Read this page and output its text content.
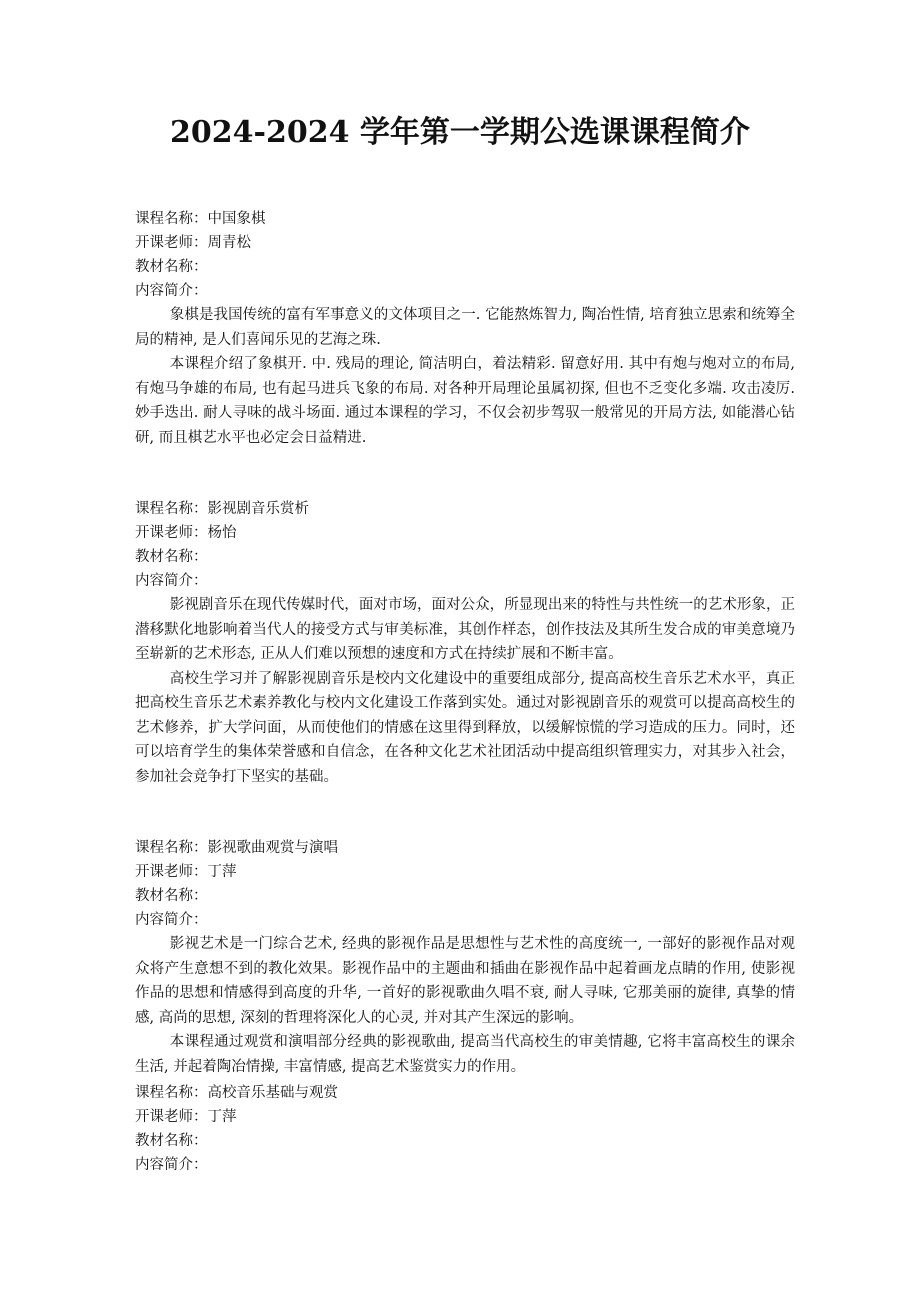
2024-2024 学年第一学期公选课课程简介
课程名称：中国象棋
开课老师：周青松
教材名称：
内容简介：

象棋是我国传统的富有军事意义的文体项目之一. 它能熬炼智力, 陶冶性情, 培育独立思索和统筹全局的精神, 是人们喜闻乐见的艺海之珠.

本课程介绍了象棋开. 中. 残局的理论, 简洁明白，着法精彩. 留意好用. 其中有炮与炮对立的布局, 有炮马争雄的布局, 也有起马进兵飞象的布局. 对各种开局理论虽属初探, 但也不乏变化多端. 攻击凌厉. 妙手迭出. 耐人寻味的战斗场面. 通过本课程的学习，不仅会初步驾驭一般常见的开局方法, 如能潜心钻研, 而且棋艺水平也必定会日益精进.

课程名称：影视剧音乐赏析
开课老师：杨怡
教材名称：
内容简介：

影视剧音乐在现代传媒时代，面对市场，面对公众，所显现出来的特性与共性统一的艺术形象，正潜移默化地影响着当代人的接受方式与审美标准，其创作样态，创作技法及其所生发合成的审美意境乃至崭新的艺术形态, 正从人们难以预想的速度和方式在持续扩展和不断丰富。

高校生学习并了解影视剧音乐是校内文化建设中的重要组成部分, 提高高校生音乐艺术水平，真正把高校生音乐艺术素养教化与校内文化建设工作落到实处。通过对影视剧音乐的观赏可以提高高校生的艺术修养，扩大学问面，从而使他们的情感在这里得到释放，以缓解惊慌的学习造成的压力。同时，还可以培育学生的集体荣誉感和自信念，在各种文化艺术社团活动中提高组织管理实力，对其步入社会，参加社会竞争打下坚实的基础。

课程名称：影视歌曲观赏与演唱
开课老师：丁萍
教材名称：
内容简介：

影视艺术是一门综合艺术, 经典的影视作品是思想性与艺术性的高度统一, 一部好的影视作品对观众将产生意想不到的教化效果。影视作品中的主题曲和插曲在影视作品中起着画龙点睛的作用, 使影视作品的思想和情感得到高度的升华, 一首好的影视歌曲久唱不衰, 耐人寻味, 它那美丽的旋律, 真挚的情感, 高尚的思想, 深刻的哲理将深化人的心灵, 并对其产生深远的影响。

本课程通过观赏和演唱部分经典的影视歌曲, 提高当代高校生的审美情趣, 它将丰富高校生的课余生活, 并起着陶冶情操, 丰富情感, 提高艺术鉴赏实力的作用。

课程名称：高校音乐基础与观赏
开课老师：丁萍
教材名称：
内容简介：
